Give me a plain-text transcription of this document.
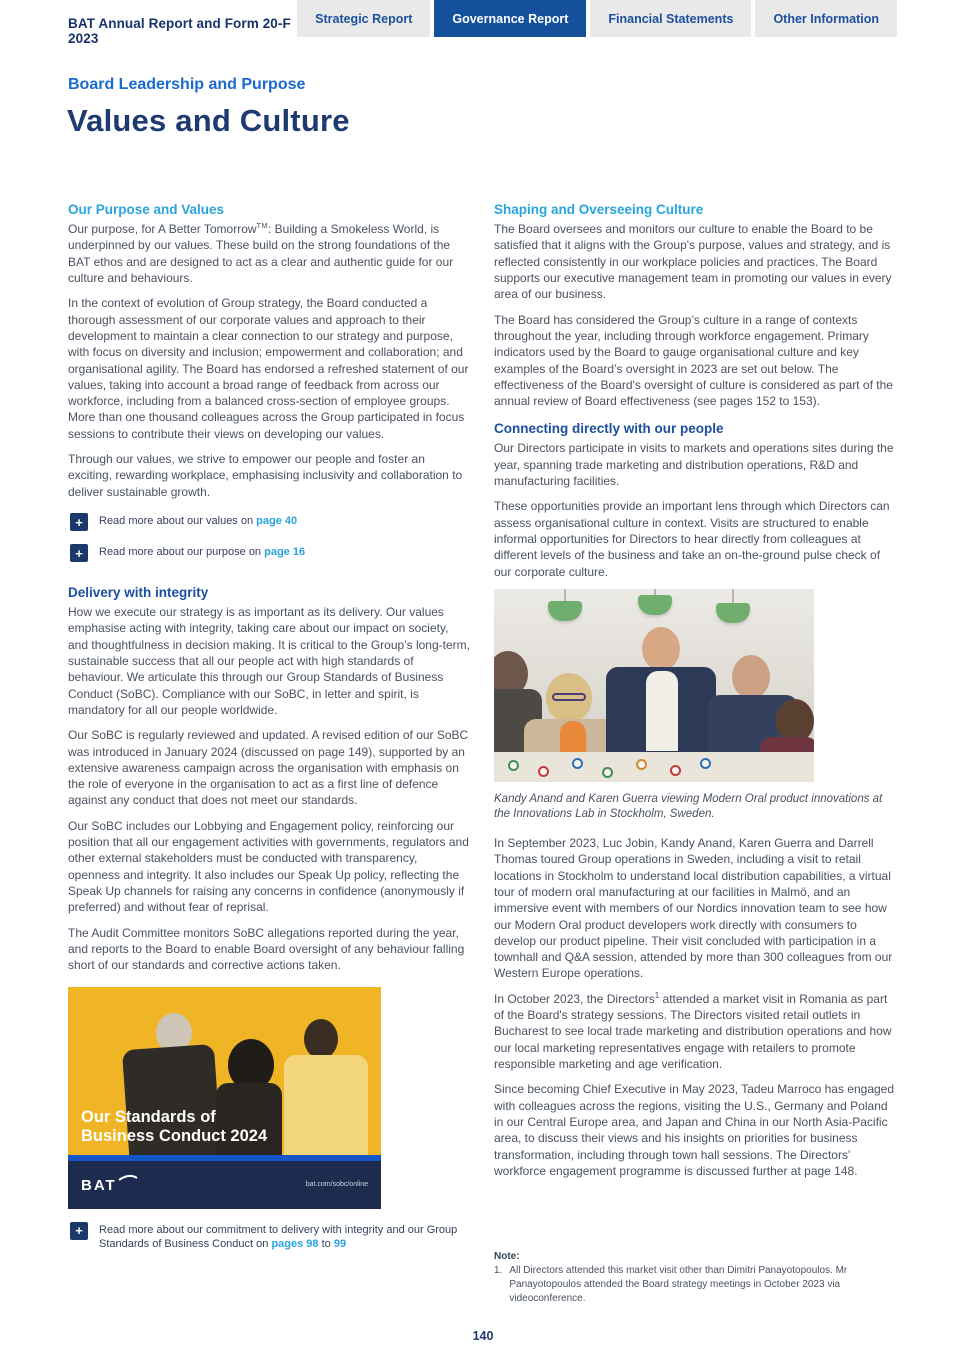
BAT Annual Report and Form 20-F 2023
Strategic Report	Governance Report	Financial Statements	Other Information
Board Leadership and Purpose
Values and Culture
Our Purpose and Values

Our purpose, for A Better Tomorrow™: Building a Smokeless World, is underpinned by our values. These build on the strong foundations of the BAT ethos and are designed to act as a clear and authentic guide for our culture and behaviours.

In the context of evolution of Group strategy, the Board conducted a thorough assessment of our corporate values and approach to their development to maintain a clear connection to our strategy and purpose, with focus on diversity and inclusion; empowerment and collaboration; and organisational agility. The Board has endorsed a refreshed statement of our values, taking into account a broad range of feedback from across our workforce, including from a balanced cross-section of employee groups. More than one thousand colleagues across the Group participated in focus sessions to contribute their views on developing our values.

Through our values, we strive to empower our people and foster an exciting, rewarding workplace, emphasising inclusivity and collaboration to deliver sustainable growth.

+	Read more about our values on page 40
+	Read more about our purpose on page 16
Delivery with integrity

How we execute our strategy is as important as its delivery. Our values emphasise acting with integrity, taking care about our impact on society, and thoughtfulness in decision making. It is critical to the Group’s long-term, sustainable success that all our people act with high standards of behaviour. We articulate this through our Group Standards of Business Conduct (SoBC). Compliance with our SoBC, in letter and spirit, is mandatory for all our people worldwide.

Our SoBC is regularly reviewed and updated. A revised edition of our SoBC was introduced in January 2024 (discussed on page 149), supported by an extensive awareness campaign across the organisation with emphasis on the role of everyone in the organisation to act as a first line of defence against any conduct that does not meet our standards.

Our SoBC includes our Lobbying and Engagement policy, reinforcing our position that all our engagement activities with governments, regulators and other external stakeholders must be conducted with transparency, openness and integrity. It also includes our Speak Up policy, reflecting the Speak Up channels for raising any concerns in confidence (anonymously if preferred) and without fear of reprisal.

The Audit Committee monitors SoBC allegations reported during the year, and reports to the Board to enable Board oversight of any behaviour falling short of our standards and corrective actions taken.

Our Standards of
Business Conduct 2024
BAT	bat.com/sobc/online
+	Read more about our commitment to delivery with integrity and our Group Standards of Business Conduct on pages 98 to 99
Shaping and Overseeing Culture

The Board oversees and monitors our culture to enable the Board to be satisfied that it aligns with the Group's purpose, values and strategy, and is reflected consistently in our workplace policies and practices. The Board supports our executive management team in promoting our values in every area of our business.

The Board has considered the Group’s culture in a range of contexts throughout the year, including through workforce engagement. Primary indicators used by the Board to gauge organisational culture and key examples of the Board’s oversight in 2023 are set out below. The effectiveness of the Board's oversight of culture is considered as part of the annual review of Board effectiveness (see pages 152 to 153).

Connecting directly with our people

Our Directors participate in visits to markets and operations sites during the year, spanning trade marketing and distribution operations, R&D and manufacturing facilities.

These opportunities provide an important lens through which Directors can assess organisational culture in context. Visits are structured to enable informal opportunities for Directors to hear directly from colleagues at different levels of the business and take an on-the-ground pulse check of our corporate culture.

Kandy Anand and Karen Guerra viewing Modern Oral product innovations at the Innovations Lab in Stockholm, Sweden.

In September 2023, Luc Jobin, Kandy Anand, Karen Guerra and Darrell Thomas toured Group operations in Sweden, including a visit to retail locations in Stockholm to understand local distribution capabilities, a virtual tour of modern oral manufacturing at our facilities in Malmö, and an immersive event with members of our Nordics innovation team to see how our Modern Oral product developers work directly with consumers to develop our product pipeline. Their visit concluded with participation in a townhall and Q&A session, attended by more than 300 colleagues from our Western Europe operations.

In October 2023, the Directors$^1$ attended a market visit in Romania as part of the Board's strategy sessions. The Directors visited retail outlets in Bucharest to see local trade marketing and distribution operations and how our local marketing representatives engage with retailers to promote responsible marketing and age verification.

Since becoming Chief Executive in May 2023, Tadeu Marroco has engaged with colleagues across the regions, visiting the U.S., Germany and Poland in our Central Europe area, and Japan and China in our North Asia-Pacific area, to discuss their views and his insights on priorities for business transformation, including through town hall sessions. The Directors' workforce engagement programme is discussed further at page 148.

Note:
1. All Directors attended this market visit other than Dimitri Panayotopoulos. Mr Panayotopoulos attended the Board strategy meetings in October 2023 via videoconference.
140
